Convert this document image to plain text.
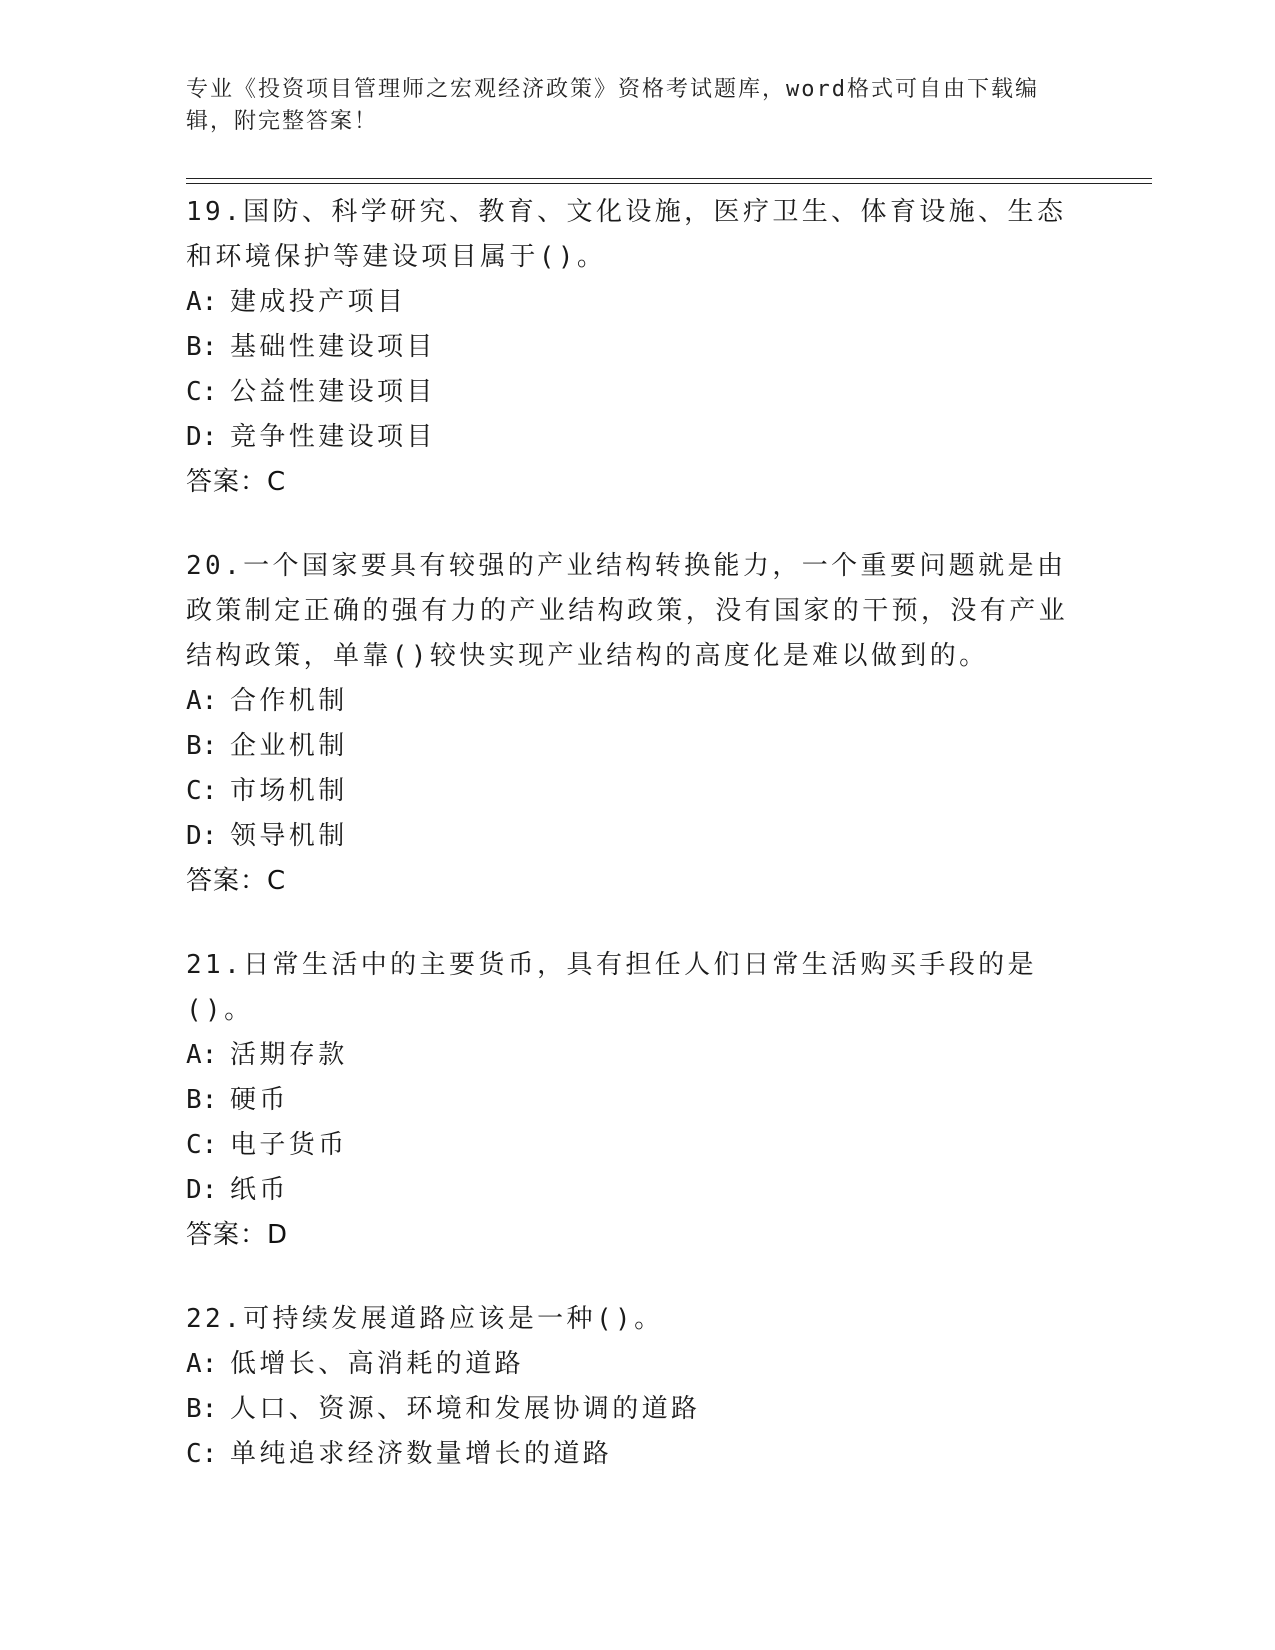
专业《投资项目管理师之宏观经济政策》资格考试题库，word格式可自由下载编辑，附完整答案！

19.国防、科学研究、教育、文化设施，医疗卫生、体育设施、生态和环境保护等建设项目属于()。

A: 建成投产项目

B: 基础性建设项目

C: 公益性建设项目

D: 竞争性建设项目

答案：C

20.一个国家要具有较强的产业结构转换能力，一个重要问题就是由政策制定正确的强有力的产业结构政策，没有国家的干预，没有产业结构政策，单靠()较快实现产业结构的高度化是难以做到的。

A: 合作机制

B: 企业机制

C: 市场机制

D: 领导机制

答案：C

21.日常生活中的主要货币，具有担任人们日常生活购买手段的是()。

A: 活期存款

B: 硬币

C: 电子货币

D: 纸币

答案：D

22.可持续发展道路应该是一种()。

A: 低增长、高消耗的道路

B: 人口、资源、环境和发展协调的道路

C: 单纯追求经济数量增长的道路
